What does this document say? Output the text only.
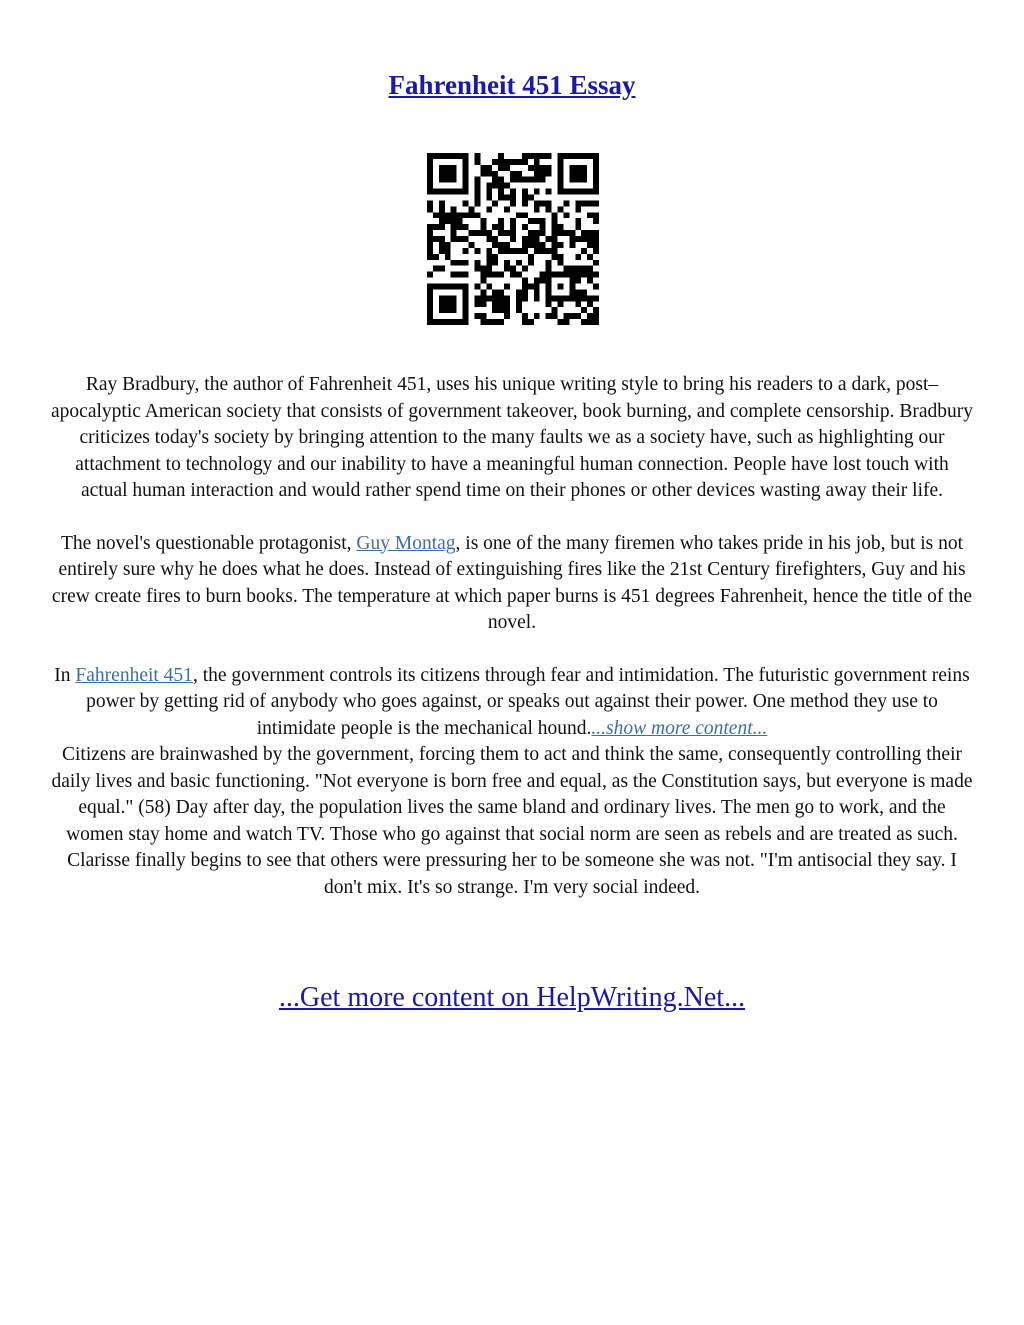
Fahrenheit 451 Essay

Ray Bradbury, the author of Fahrenheit 451, uses his unique writing style to bring his readers to a dark, post–apocalyptic American society that consists of government takeover, book burning, and complete censorship. Bradbury criticizes today's society by bringing attention to the many faults we as a society have, such as highlighting our attachment to technology and our inability to have a meaningful human connection. People have lost touch with actual human interaction and would rather spend time on their phones or other devices wasting away their life.

The novel's questionable protagonist, Guy Montag, is one of the many firemen who takes pride in his job, but is not entirely sure why he does what he does. Instead of extinguishing fires like the 21st Century firefighters, Guy and his crew create fires to burn books. The temperature at which paper burns is 451 degrees Fahrenheit, hence the title of the novel.

In Fahrenheit 451, the government controls its citizens through fear and intimidation. The futuristic government reins power by getting rid of anybody who goes against, or speaks out against their power. One method they use to intimidate people is the mechanical hound....show more content...
Citizens are brainwashed by the government, forcing them to act and think the same, consequently controlling their daily lives and basic functioning. "Not everyone is born free and equal, as the Constitution says, but everyone is made equal." (58) Day after day, the population lives the same bland and ordinary lives. The men go to work, and the women stay home and watch TV. Those who go against that social norm are seen as rebels and are treated as such. Clarisse finally begins to see that others were pressuring her to be someone she was not. "I'm antisocial they say. I don't mix. It's so strange. I'm very social indeed.

...Get more content on HelpWriting.Net...
